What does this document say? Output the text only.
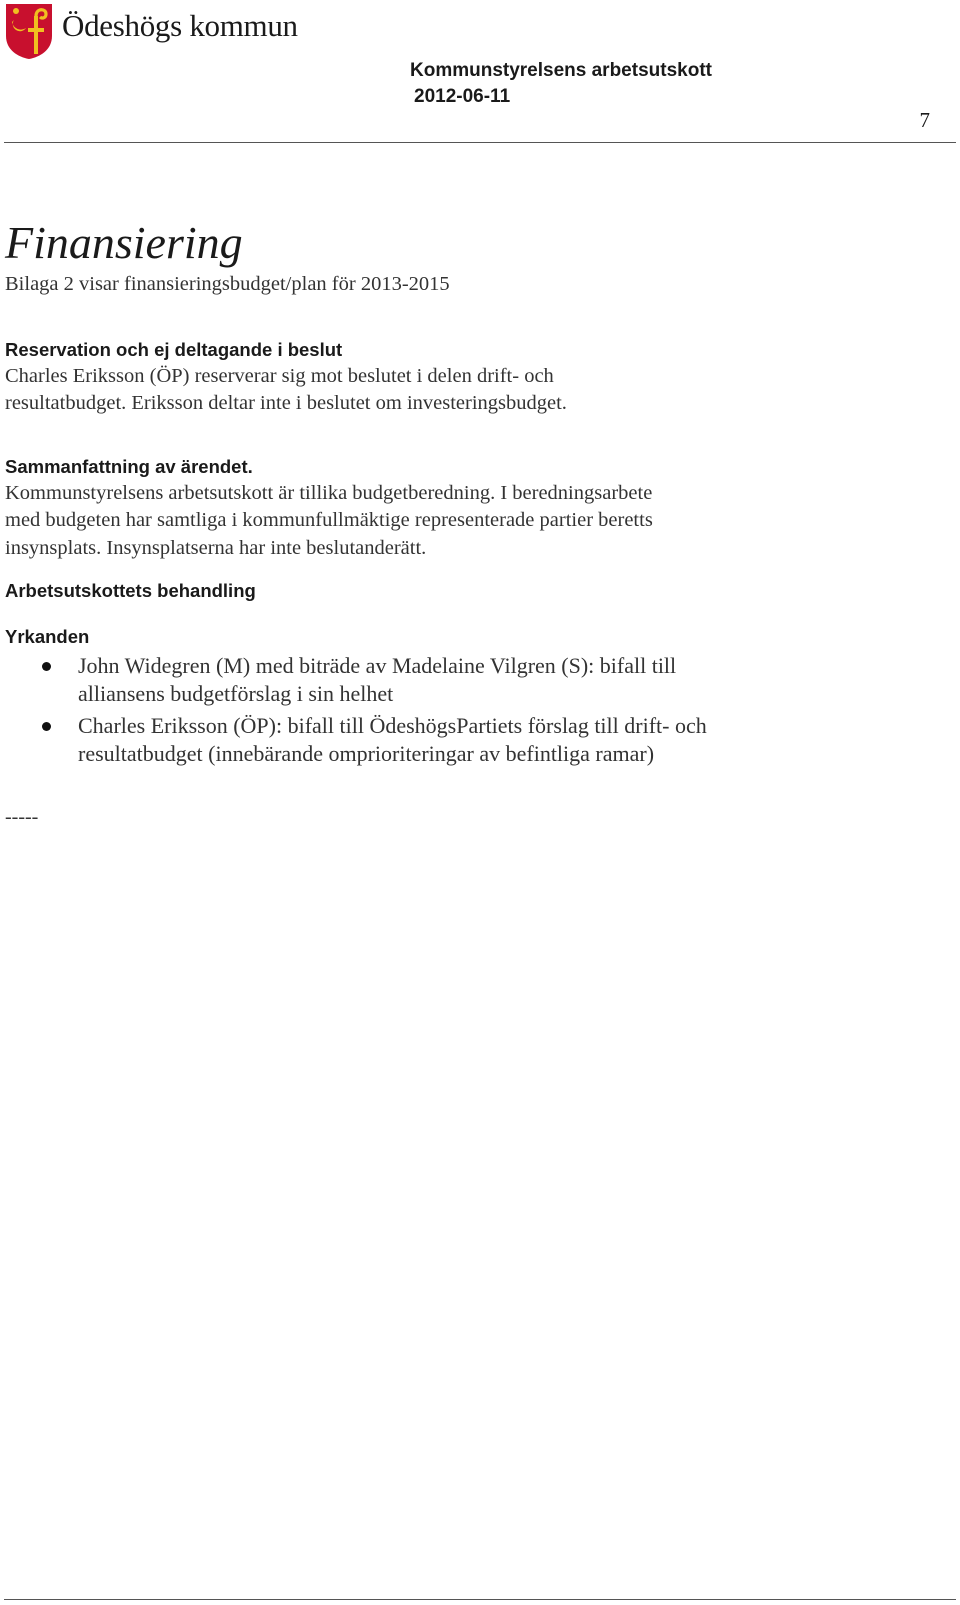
Ödeshögs kommun
Kommunstyrelsens arbetsutskott
2012-06-11
7
Finansiering

Bilaga 2 visar finansieringsbudget/plan för 2013-2015

Reservation och ej deltagande i beslut

Charles Eriksson (ÖP) reserverar sig mot beslutet i delen drift- och

resultatbudget. Eriksson deltar inte i beslutet om investeringsbudget.

Sammanfattning av ärendet.

Kommunstyrelsens arbetsutskott är tillika budgetberedning. I beredningsarbete

med budgeten har samtliga i kommunfullmäktige representerade partier beretts

insynsplats. Insynsplatserna har inte beslutanderätt.

Arbetsutskottets behandling

Yrkanden

John Widegren (M) med biträde av Madelaine Vilgren (S): bifall till
alliansens budgetförslag i sin helhet
Charles Eriksson (ÖP): bifall till ÖdeshögsPartiets förslag till drift- och
resultatbudget (innebärande omprioriteringar av befintliga ramar)
-----
